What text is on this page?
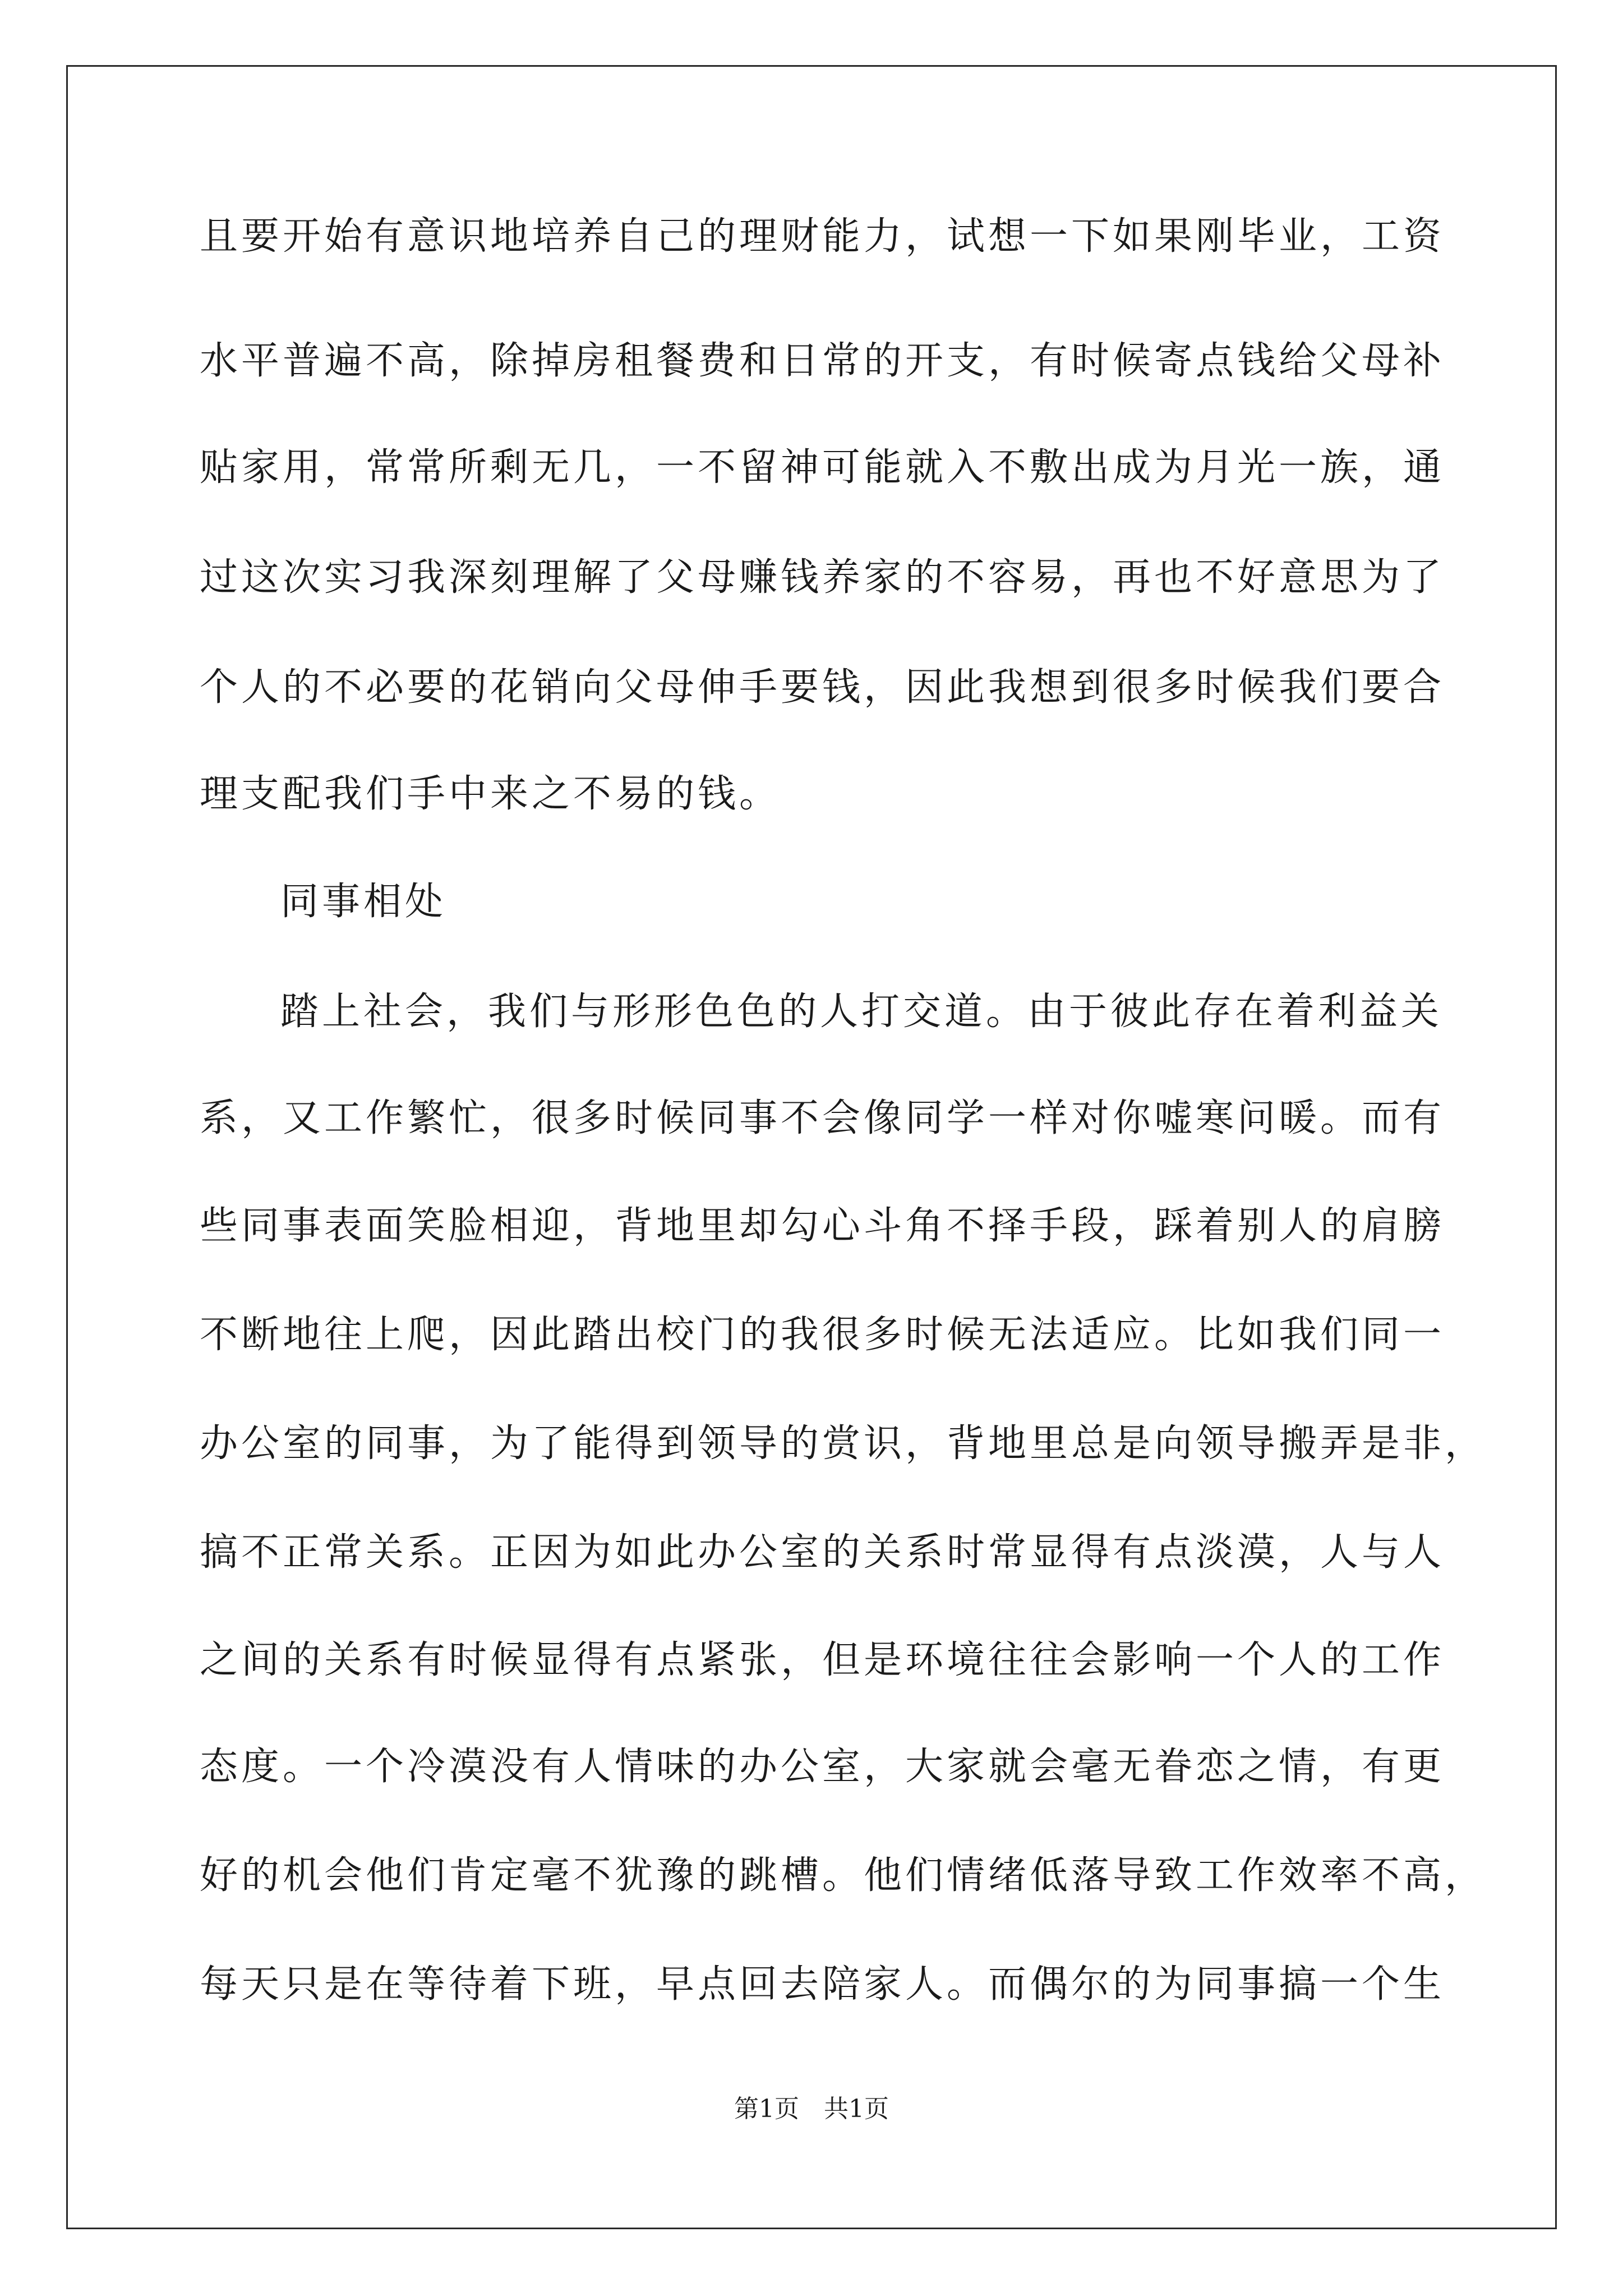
且要开始有意识地培养自己的理财能力，试想一下如果刚毕业，工资
水平普遍不高，除掉房租餐费和日常的开支，有时候寄点钱给父母补
贴家用，常常所剩无几，一不留神可能就入不敷出成为月光一族，通
过这次实习我深刻理解了父母赚钱养家的不容易，再也不好意思为了
个人的不必要的花销向父母伸手要钱，因此我想到很多时候我们要合
理支配我们手中来之不易的钱。
同事相处
踏上社会，我们与形形色色的人打交道。由于彼此存在着利益关
系，又工作繁忙，很多时候同事不会像同学一样对你嘘寒问暖。而有
些同事表面笑脸相迎，背地里却勾心斗角不择手段，踩着别人的肩膀
不断地往上爬，因此踏出校门的我很多时候无法适应。比如我们同一
办公室的同事，为了能得到领导的赏识，背地里总是向领导搬弄是非，
搞不正常关系。正因为如此办公室的关系时常显得有点淡漠，人与人
之间的关系有时候显得有点紧张，但是环境往往会影响一个人的工作
态度。一个冷漠没有人情味的办公室，大家就会毫无眷恋之情，有更
好的机会他们肯定毫不犹豫的跳槽。他们情绪低落导致工作效率不高，
每天只是在等待着下班，早点回去陪家人。而偶尔的为同事搞一个生
第1页　共1页
